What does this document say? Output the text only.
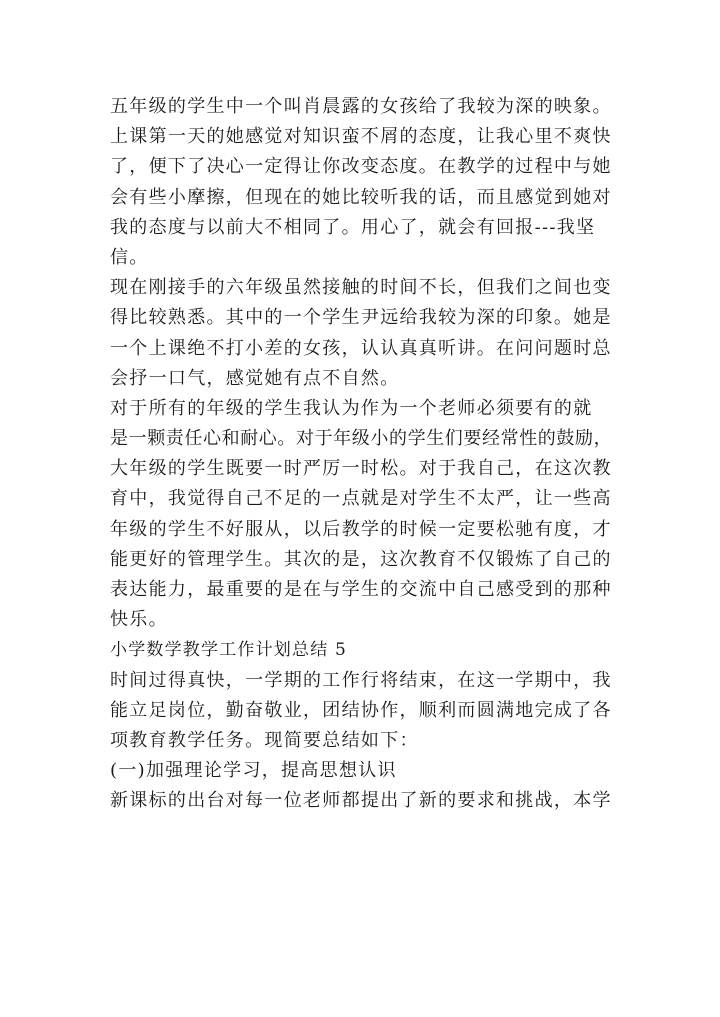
五年级的学生中一个叫肖晨露的女孩给了我较为深的映象。
上课第一天的她感觉对知识蛮不屑的态度，让我心里不爽快
了，便下了决心一定得让你改变态度。在教学的过程中与她
会有些小摩擦，但现在的她比较听我的话，而且感觉到她对
我的态度与以前大不相同了。用心了，就会有回报---我坚
信。
现在刚接手的六年级虽然接触的时间不长，但我们之间也变
得比较熟悉。其中的一个学生尹远给我较为深的印象。她是
一个上课绝不打小差的女孩，认认真真听讲。在问问题时总
会抒一口气，感觉她有点不自然。
对于所有的年级的学生我认为作为一个老师必须要有的就
是一颗责任心和耐心。对于年级小的学生们要经常性的鼓励，
大年级的学生既要一时严厉一时松。对于我自己，在这次教
育中，我觉得自己不足的一点就是对学生不太严，让一些高
年级的学生不好服从，以后教学的时候一定要松驰有度，才
能更好的管理学生。其次的是，这次教育不仅锻炼了自己的
表达能力，最重要的是在与学生的交流中自己感受到的那种
快乐。
小学数学教学工作计划总结 5
时间过得真快，一学期的工作行将结束，在这一学期中，我
能立足岗位，勤奋敬业，团结协作，顺利而圆满地完成了各
项教育教学任务。现简要总结如下：
(一)加强理论学习，提高思想认识
新课标的出台对每一位老师都提出了新的要求和挑战，本学
